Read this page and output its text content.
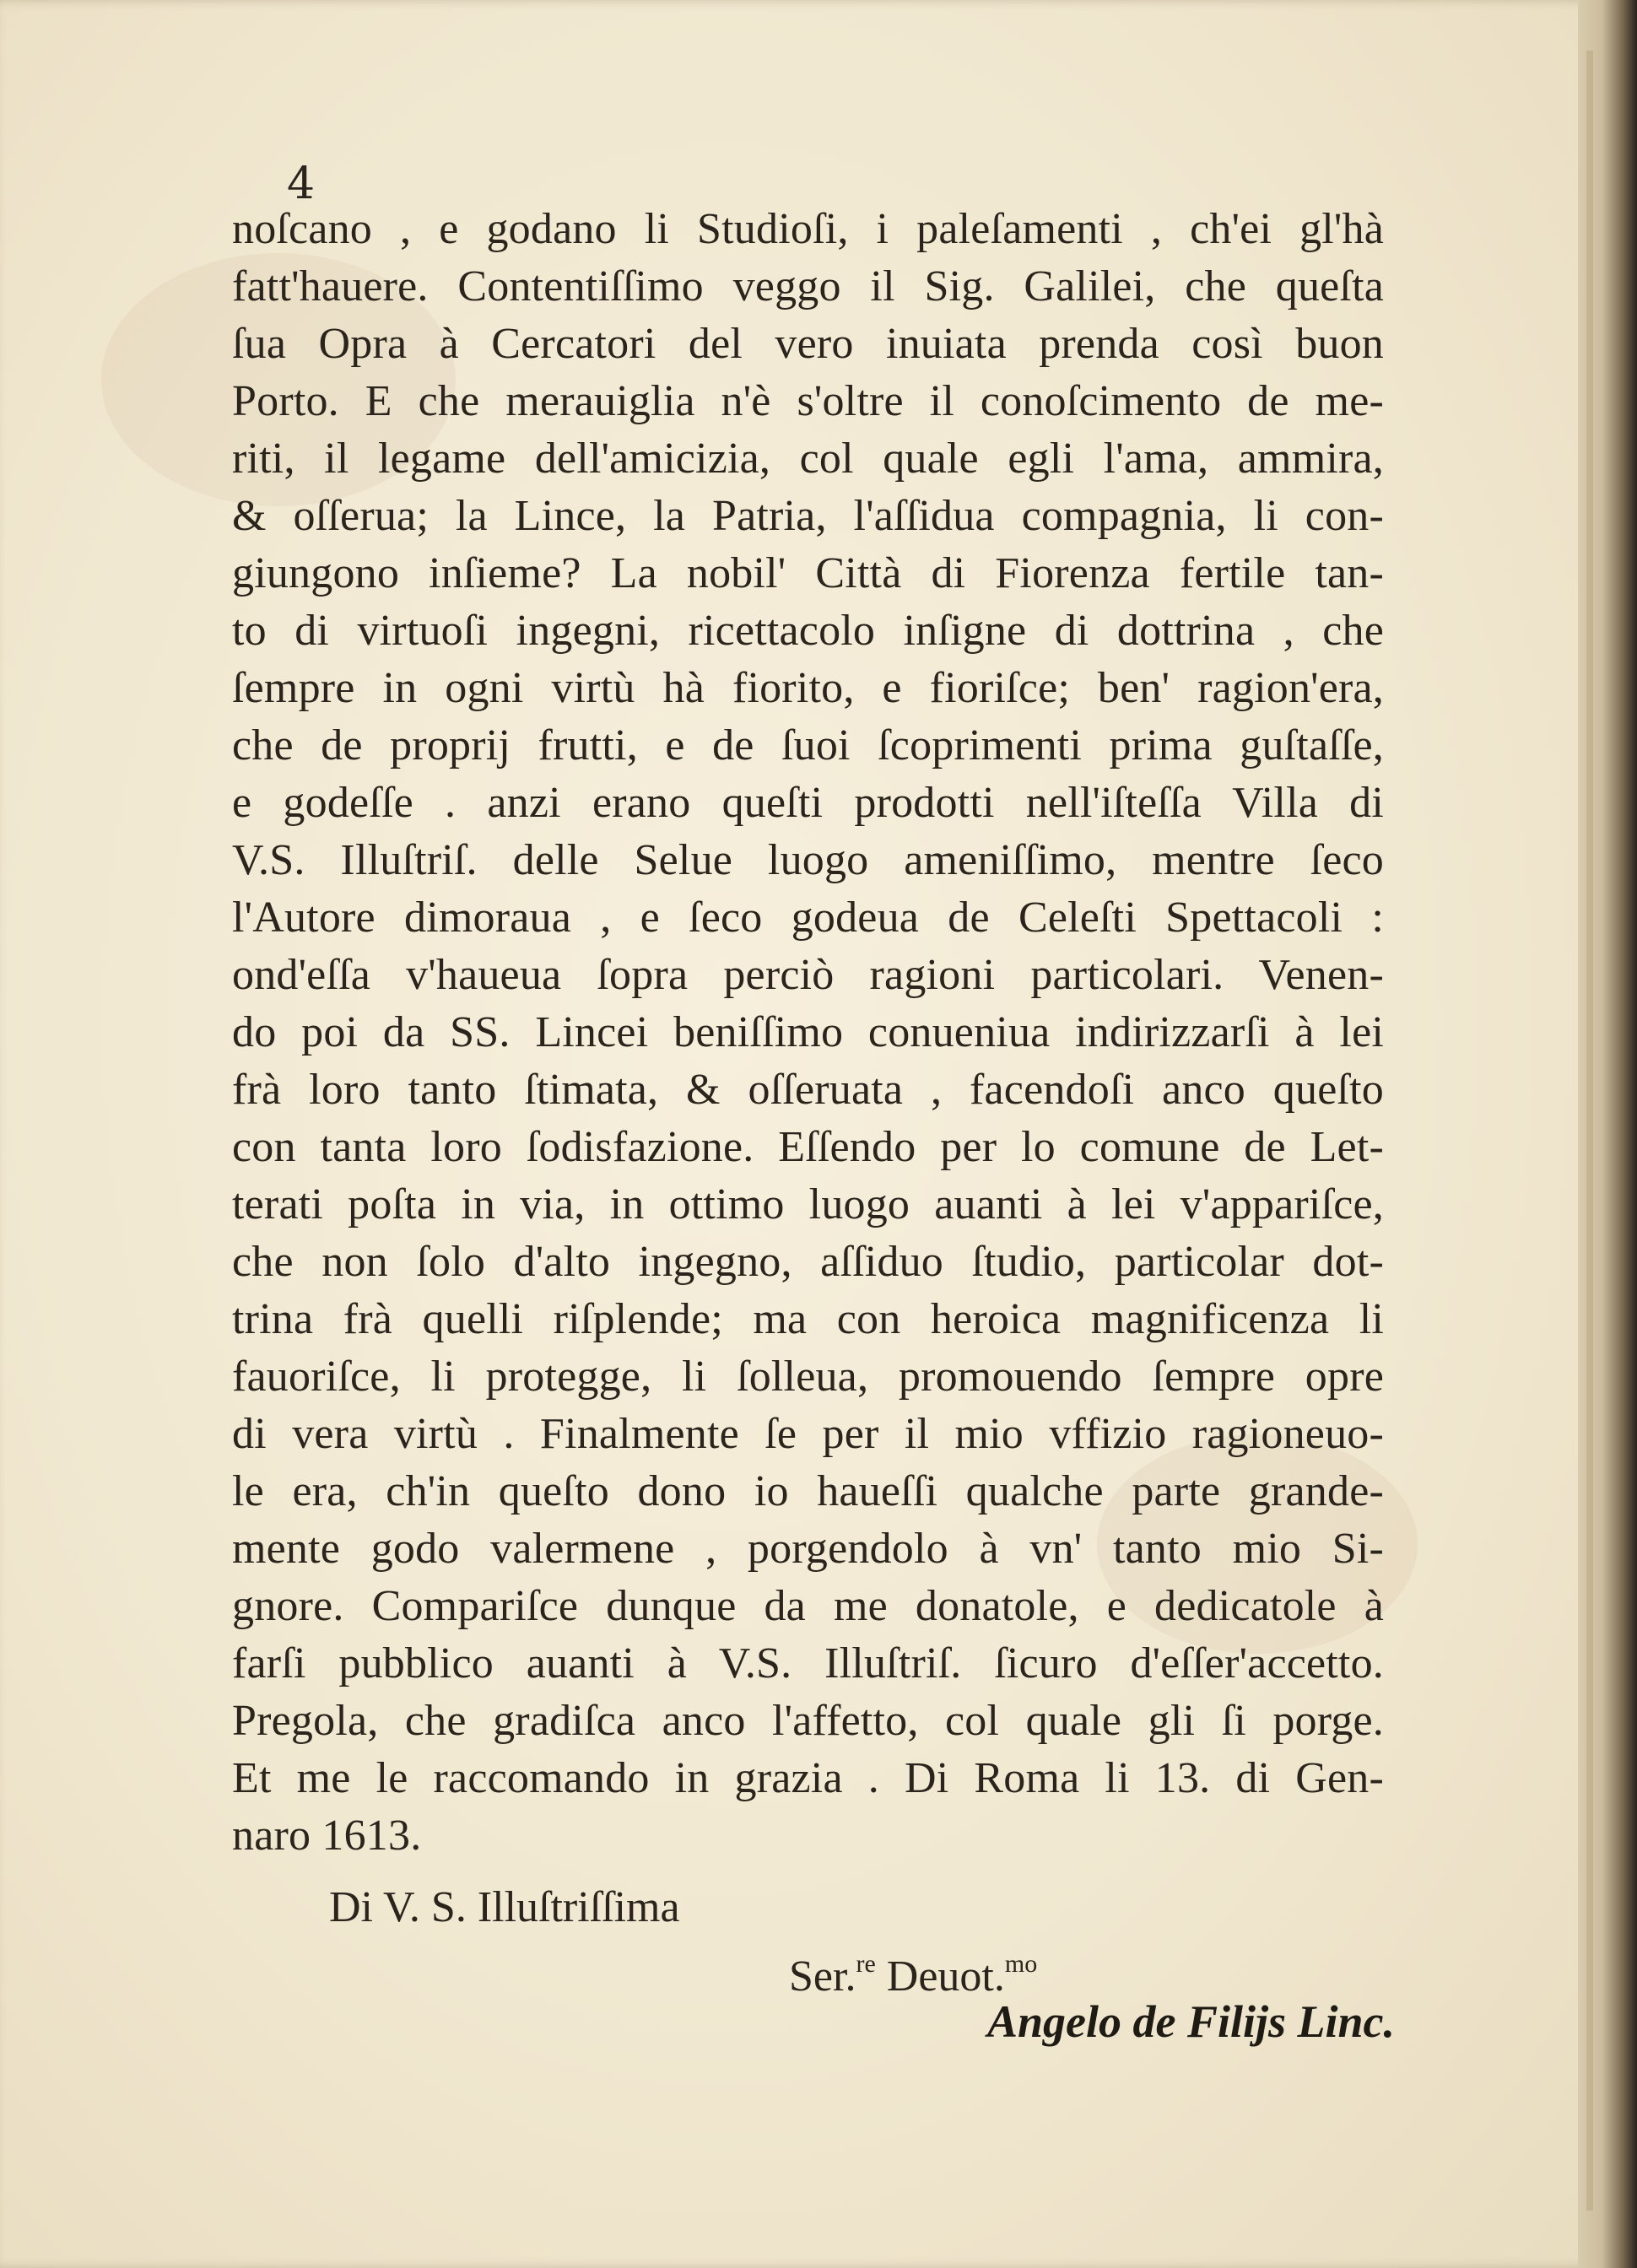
4
noſcano , e godano li Studioſi, i paleſamenti , ch'ei gl'hà
fatt'hauere. Contentiſſimo veggo il Sig. Galilei, che queſta
ſua Opra à Cercatori del vero inuiata prenda così buon
Porto. E che merauiglia n'è s'oltre il conoſcimento de me-
riti, il legame dell'amicizia, col quale egli l'ama, ammira,
& oſſerua; la Lince, la Patria, l'aſſidua compagnia, li con-
giungono inſieme? La nobil' Città di Fiorenza fertile tan-
to di virtuoſi ingegni, ricettacolo inſigne di dottrina , che
ſempre in ogni virtù hà fiorito, e fioriſce; ben' ragion'era,
che de proprij frutti, e de ſuoi ſcoprimenti prima guſtaſſe,
e godeſſe . anzi erano queſti prodotti nell'iſteſſa Villa di
V.S. Illuſtriſ. delle Selue luogo ameniſſimo, mentre ſeco
l'Autore dimoraua , e ſeco godeua de Celeſti Spettacoli :
ond'eſſa v'haueua ſopra perciò ragioni particolari. Venen-
do poi da SS. Lincei beniſſimo conueniua indirizzarſi à lei
frà loro tanto ſtimata, & oſſeruata , facendoſi anco queſto
con tanta loro ſodisfazione. Eſſendo per lo comune de Let-
terati poſta in via, in ottimo luogo auanti à lei v'appariſce,
che non ſolo d'alto ingegno, aſſiduo ſtudio, particolar dot-
trina frà quelli riſplende; ma con heroica magnificenza li
fauoriſce, li protegge, li ſolleua, promouendo ſempre opre
di vera virtù . Finalmente ſe per il mio vffizio ragioneuo-
le era, ch'in queſto dono io haueſſi qualche parte grande-
mente godo valermene , porgendolo à vn' tanto mio Si-
gnore. Compariſce dunque da me donatole, e dedicatole à
farſi pubblico auanti à V.S. Illuſtriſ. ſicuro d'eſſer'accetto.
Pregola, che gradiſca anco l'affetto, col quale gli ſi porge.
Et me le raccomando in grazia . Di Roma li 13. di Gen-
naro 1613.
Di V. S. Illuſtriſſima
Ser.$^{re}$ Deuot.$^{mo}$
Angelo de Filijs Linc.
